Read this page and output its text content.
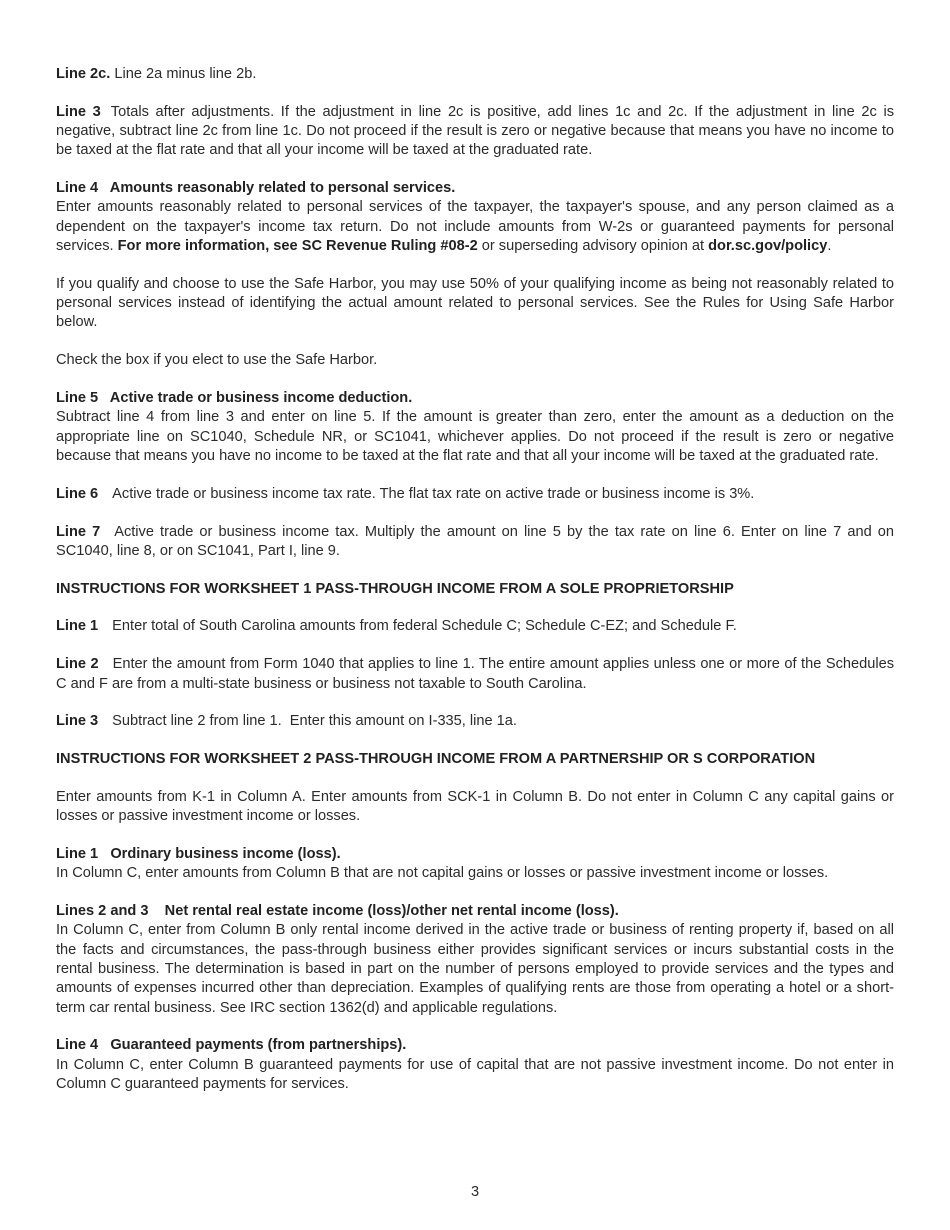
Line 2c. Line 2a minus line 2b.

Line 3 Totals after adjustments. If the adjustment in line 2c is positive, add lines 1c and 2c. If the adjustment in line 2c is negative, subtract line 2c from line 1c. Do not proceed if the result is zero or negative because that means you have no income to be taxed at the flat rate and that all your income will be taxed at the graduated rate.

Line 4   Amounts reasonably related to personal services.

Enter amounts reasonably related to personal services of the taxpayer, the taxpayer's spouse, and any person claimed as a dependent on the taxpayer's income tax return. Do not include amounts from W-2s or guaranteed payments for personal services. For more information, see SC Revenue Ruling #08-2 or superseding advisory opinion at dor.sc.gov/policy.

If you qualify and choose to use the Safe Harbor, you may use 50% of your qualifying income as being not reasonably related to personal services instead of identifying the actual amount related to personal services. See the Rules for Using Safe Harbor below.

Check the box if you elect to use the Safe Harbor.

Line 5   Active trade or business income deduction.

Subtract line 4 from line 3 and enter on line 5. If the amount is greater than zero, enter the amount as a deduction on the appropriate line on SC1040, Schedule NR, or SC1041, whichever applies. Do not proceed if the result is zero or negative because that means you have no income to be taxed at the flat rate and that all your income will be taxed at the graduated rate.

Line 6 Active trade or business income tax rate. The flat tax rate on active trade or business income is 3%.

Line 7 Active trade or business income tax. Multiply the amount on line 5 by the tax rate on line 6. Enter on line 7 and on SC1040, line 8, or on SC1041, Part I, line 9.

INSTRUCTIONS FOR WORKSHEET 1 PASS-THROUGH INCOME FROM A SOLE PROPRIETORSHIP

Line 1 Enter total of South Carolina amounts from federal Schedule C; Schedule C-EZ; and Schedule F.

Line 2 Enter the amount from Form 1040 that applies to line 1. The entire amount applies unless one or more of the Schedules C and F are from a multi-state business or business not taxable to South Carolina.

Line 3 Subtract line 2 from line 1.  Enter this amount on I-335, line 1a.

INSTRUCTIONS FOR WORKSHEET 2 PASS-THROUGH INCOME FROM A PARTNERSHIP OR S CORPORATION

Enter amounts from K-1 in Column A. Enter amounts from SCK-1 in Column B. Do not enter in Column C any capital gains or losses or passive investment income or losses.

Line 1   Ordinary business income (loss).

In Column C, enter amounts from Column B that are not capital gains or losses or passive investment income or losses.

Lines 2 and 3    Net rental real estate income (loss)/other net rental income (loss).

In Column C, enter from Column B only rental income derived in the active trade or business of renting property if, based on all the facts and circumstances, the pass-through business either provides significant services or incurs substantial costs in the rental business. The determination is based in part on the number of persons employed to provide services and the types and amounts of expenses incurred other than depreciation. Examples of qualifying rents are those from operating a hotel or a short-term car rental business. See IRC section 1362(d) and applicable regulations.

Line 4   Guaranteed payments (from partnerships).

In Column C, enter Column B guaranteed payments for use of capital that are not passive investment income. Do not enter in Column C guaranteed payments for services.

3
